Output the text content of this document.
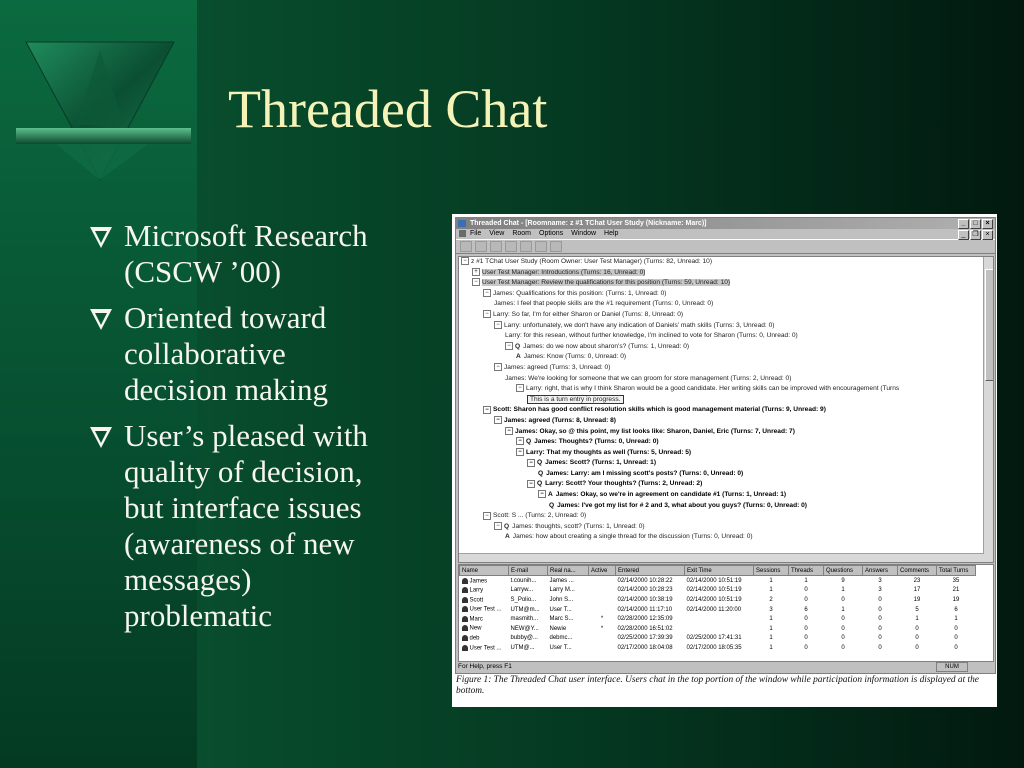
Threaded Chat
Microsoft Research
(CSCW ’00)
Oriented toward
collaborative
decision making
User’s pleased with
quality of decision,
but interface issues
(awareness of new
messages)
problematic
Threaded Chat - [Roomname: z #1 TChat User Study (Nickname: Marc)]	_	□	×
File View Room Options Window Help	_ ❐ ×
− z #1 TChat User Study (Room Owner: User Test Manager) (Turns: 82, Unread: 10)
+ User Test Manager: Introductions (Turns: 16, Unread: 0)
− User Test Manager: Review the qualifications for this position (Turns: 59, Unread: 10)
− James: Qualifications for this position: (Turns: 1, Unread: 0)
James: I feel that people skills are the #1 requirement (Turns: 0, Unread: 0)
− Larry: So far, I'm for either Sharon or Daniel (Turns: 8, Unread: 0)
− Larry: unfortunately, we don't have any indication of Daniels' math skills (Turns: 3, Unread: 0)
Larry: for this resean, without further knowledge, I'm inclined to vote for Sharon (Turns: 0, Unread: 0)
− Q James: do we now about sharon's? (Turns: 1, Unread: 0)
A James: Know (Turns: 0, Unread: 0)
− James: agreed (Turns: 3, Unread: 0)
James: We're looking for someone that we can groom for store management (Turns: 2, Unread: 0)
− Larry: right, that is why I think Sharon would be a good candidate. Her writing skills can be improved with encouragement (Turns
This is a turn entry in progress.
− Scott: Sharon has good conflict resolution skills which is good management material (Turns: 9, Unread: 9)
− James: agreed (Turns: 8, Unread: 8)
− James: Okay, so @ this point, my list looks like: Sharon, Daniel, Eric (Turns: 7, Unread: 7)
− Q James: Thoughts? (Turns: 0, Unread: 0)
− Larry: That my thoughts as well (Turns: 5, Unread: 5)
− Q James: Scott? (Turns: 1, Unread: 1)
Q James: Larry: am I missing scott's posts? (Turns: 0, Unread: 0)
− Q Larry: Scott? Your thoughts? (Turns: 2, Unread: 2)
− A James: Okay, so we're in agreement on candidate #1 (Turns: 1, Unread: 1)
Q James: I've got my list for # 2 and 3, what about you guys? (Turns: 0, Unread: 0)
− Scott: S ... (Turns: 2, Unread: 0)
− Q James: thoughts, scott? (Turns: 1, Unread: 0)
A James: how about creating a single thread for the discussion (Turns: 0, Unread: 0)
Name	E-mail	Real na...	Active	Entered	Exit Time	Sessions	Threads	Questions	Answers	Comments	Total Turns
James	t.counih...	James ...		02/14/2000 10:28:22	02/14/2000 10:51:19	1	1	9	3	23	35
Larry	Larryw...	Larry M...		02/14/2000 10:28:23	02/14/2000 10:51:19	1	0	1	3	17	21
Scott	S_Polio...	John S...		02/14/2000 10:38:19	02/14/2000 10:51:19	2	0	0	0	19	19
User Test ...	UTM@m...	User T...		02/14/2000 11:17:10	02/14/2000 11:20:00	3	6	1	0	5	6
Marc	masmith...	Marc S...	*	02/28/2000 12:35:09		1	0	0	0	1	1
New	NEW@Y...	Newie	*	02/28/2000 16:51:02		1	0	0	0	0	0
deb	bubby@...	debmc...		02/25/2000 17:39:39	02/25/2000 17:41:31	1	0	0	0	0	0
User Test ...	UTM@...	User T...		02/17/2000 18:04:08	02/17/2000 18:05:35	1	0	0	0	0	0
For Help, press F1	NUM
Figure 1: The Threaded Chat user interface. Users chat in the top portion of the window while participation information is displayed at the bottom.
